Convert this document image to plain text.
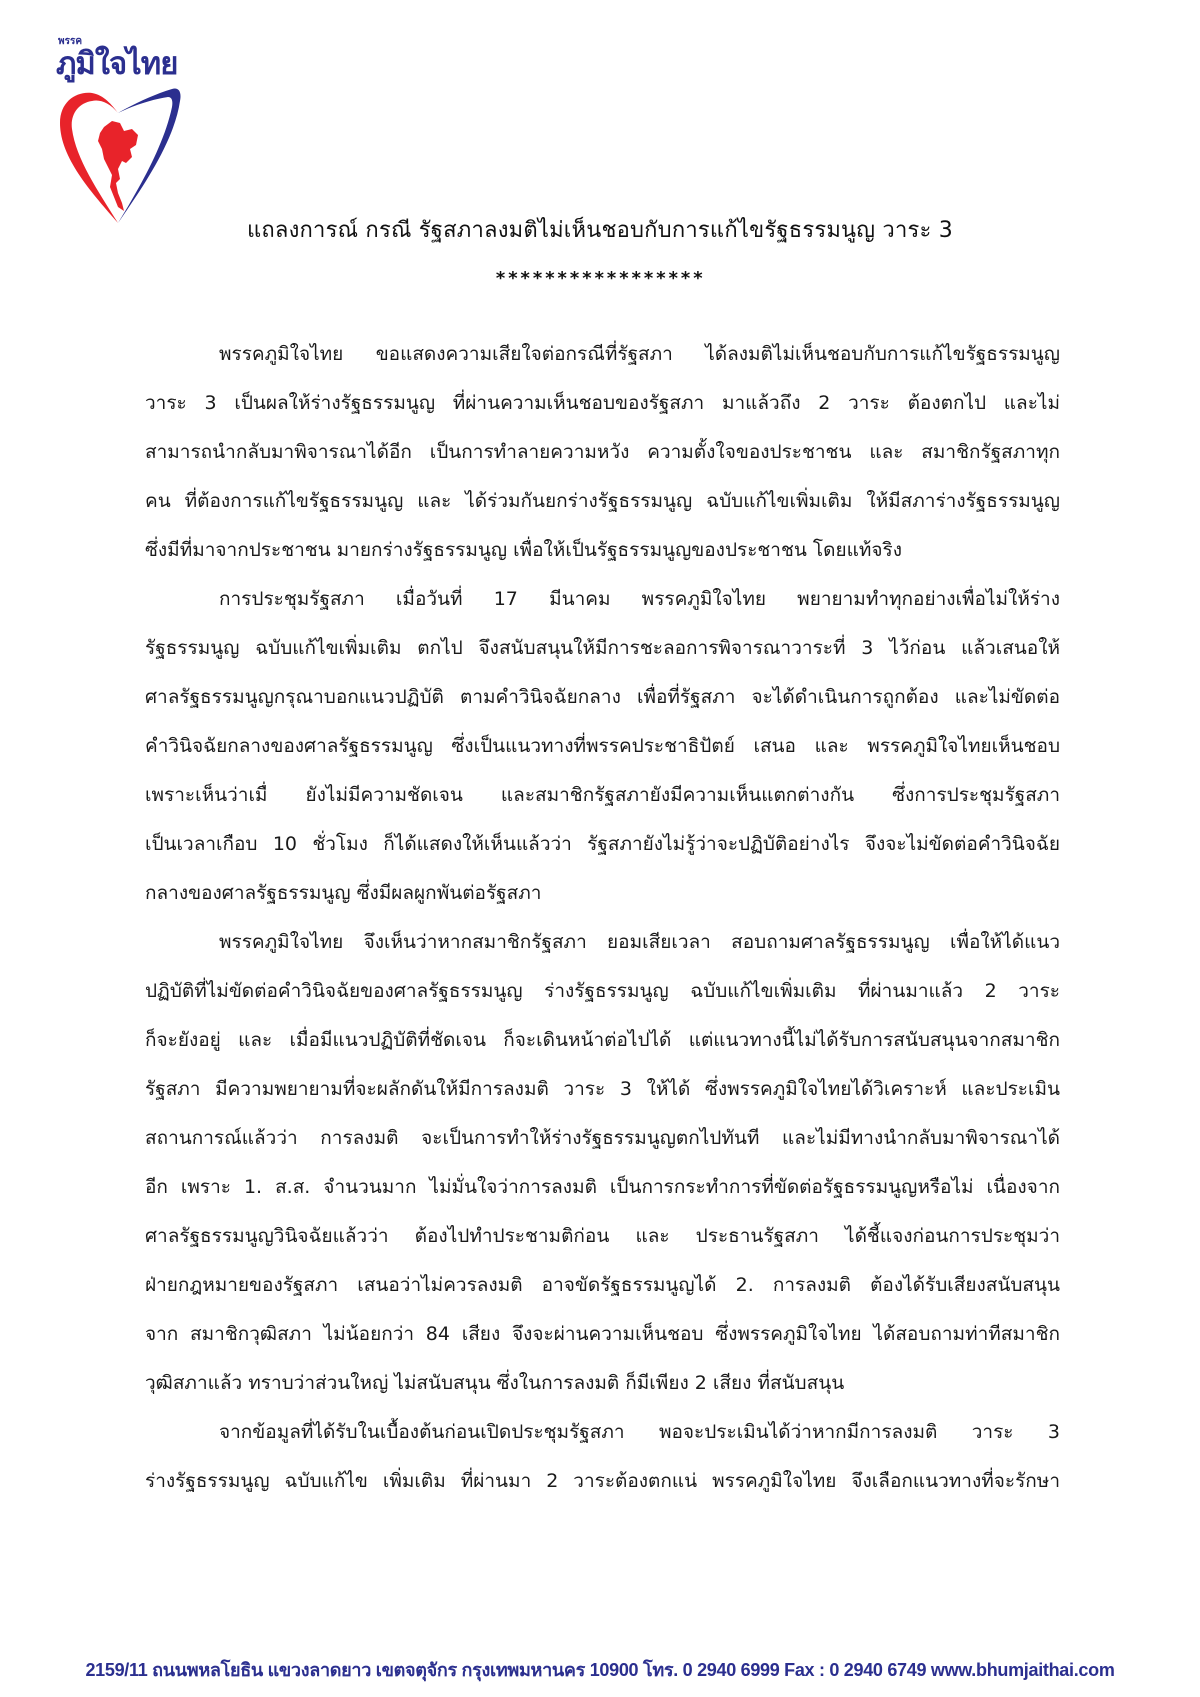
พรรค
ภูมิใจไทย
แถลงการณ์ กรณี รัฐสภาลงมติไม่เห็นชอบกับการแก้ไขรัฐธรรมนูญ วาระ 3
*****************
พรรคภูมิใจไทย ขอแสดงความเสียใจต่อกรณีที่รัฐสภา ได้ลงมติไม่เห็นชอบกับการแก้ไขรัฐธรรมนูญ
วาระ 3 เป็นผลให้ร่างรัฐธรรมนูญ ที่ผ่านความเห็นชอบของรัฐสภา มาแล้วถึง 2 วาระ ต้องตกไป และไม่
สามารถนำกลับมาพิจารณาได้อีก เป็นการทำลายความหวัง ความตั้งใจของประชาชน และ สมาชิกรัฐสภาทุก
คน ที่ต้องการแก้ไขรัฐธรรมนูญ และ ได้ร่วมกันยกร่างรัฐธรรมนูญ ฉบับแก้ไขเพิ่มเติม ให้มีสภาร่างรัฐธรรมนูญ
ซึ่งมีที่มาจากประชาชน มายกร่างรัฐธรรมนูญ เพื่อให้เป็นรัฐธรรมนูญของประชาชน โดยแท้จริง
การประชุมรัฐสภา เมื่อวันที่ 17 มีนาคม พรรคภูมิใจไทย พยายามทำทุกอย่างเพื่อไม่ให้ร่าง
รัฐธรรมนูญ ฉบับแก้ไขเพิ่มเติม ตกไป จึงสนับสนุนให้มีการชะลอการพิจารณาวาระที่ 3 ไว้ก่อน แล้วเสนอให้
ศาลรัฐธรรมนูญกรุณาบอกแนวปฏิบัติ ตามคำวินิจฉัยกลาง เพื่อที่รัฐสภา จะได้ดำเนินการถูกต้อง และไม่ขัดต่อ
คำวินิจฉัยกลางของศาลรัฐธรรมนูญ ซึ่งเป็นแนวทางที่พรรคประชาธิปัตย์ เสนอ และ พรรคภูมิใจไทยเห็นชอบ
เพราะเห็นว่าเมื่ ยังไม่มีความชัดเจน และสมาชิกรัฐสภายังมีความเห็นแตกต่างกัน ซึ่งการประชุมรัฐสภา
เป็นเวลาเกือบ 10 ชั่วโมง ก็ได้แสดงให้เห็นแล้วว่า รัฐสภายังไม่รู้ว่าจะปฏิบัติอย่างไร จึงจะไม่ขัดต่อคำวินิจฉัย
กลางของศาลรัฐธรรมนูญ ซึ่งมีผลผูกพันต่อรัฐสภา
พรรคภูมิใจไทย จึงเห็นว่าหากสมาชิกรัฐสภา ยอมเสียเวลา สอบถามศาลรัฐธรรมนูญ เพื่อให้ได้แนว
ปฏิบัติที่ไม่ขัดต่อคำวินิจฉัยของศาลรัฐธรรมนูญ ร่างรัฐธรรมนูญ ฉบับแก้ไขเพิ่มเติม ที่ผ่านมาแล้ว 2 วาระ
ก็จะยังอยู่ และ เมื่อมีแนวปฏิบัติที่ชัดเจน ก็จะเดินหน้าต่อไปได้ แต่แนวทางนี้ไม่ได้รับการสนับสนุนจากสมาชิก
รัฐสภา มีความพยายามที่จะผลักดันให้มีการลงมติ วาระ 3 ให้ได้ ซึ่งพรรคภูมิใจไทยได้วิเคราะห์ และประเมิน
สถานการณ์แล้วว่า การลงมติ จะเป็นการทำให้ร่างรัฐธรรมนูญตกไปทันที และไม่มีทางนำกลับมาพิจารณาได้
อีก เพราะ 1. ส.ส. จำนวนมาก ไม่มั่นใจว่าการลงมติ เป็นการกระทำการที่ขัดต่อรัฐธรรมนูญหรือไม่ เนื่องจาก
ศาลรัฐธรรมนูญวินิจฉัยแล้วว่า ต้องไปทำประชามติก่อน และ ประธานรัฐสภา ได้ชี้แจงก่อนการประชุมว่า
ฝ่ายกฎหมายของรัฐสภา เสนอว่าไม่ควรลงมติ อาจขัดรัฐธรรมนูญได้ 2. การลงมติ ต้องได้รับเสียงสนับสนุน
จาก สมาชิกวุฒิสภา ไม่น้อยกว่า 84 เสียง จึงจะผ่านความเห็นชอบ ซึ่งพรรคภูมิใจไทย ได้สอบถามท่าทีสมาชิก
วุฒิสภาแล้ว ทราบว่าส่วนใหญ่ ไม่สนับสนุน ซึ่งในการลงมติ ก็มีเพียง 2 เสียง ที่สนับสนุน
จากข้อมูลที่ได้รับในเบื้องต้นก่อนเปิดประชุมรัฐสภา พอจะประเมินได้ว่าหากมีการลงมติ วาระ 3
ร่างรัฐธรรมนูญ ฉบับแก้ไข เพิ่มเติม ที่ผ่านมา 2 วาระต้องตกแน่ พรรคภูมิใจไทย จึงเลือกแนวทางที่จะรักษา
2159/11 ถนนพหลโยธิน แขวงลาดยาว เขตจตุจักร กรุงเทพมหานคร 10900 โทร. 0 2940 6999 Fax : 0 2940 6749 www.bhumjaithai.com
